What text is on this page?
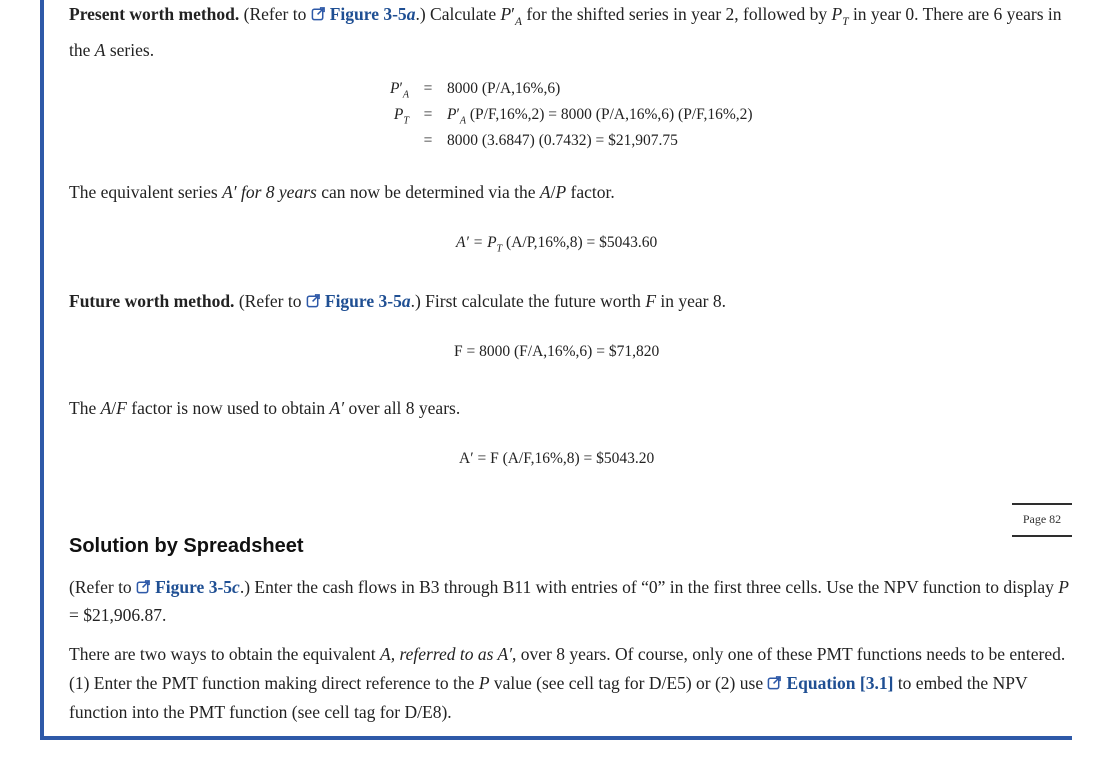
Present worth method. (Refer to Figure 3-5a.) Calculate $P'_A$ for the shifted series in year 2, followed by $P_T$ in year 0. There are 6 years in the A series.

$P'_A = 8000$ (P/A,16%,6)
$P_T = P'_A$ (P/F,16%,2) = 8000 (P/A,16%,6) (P/F,16%,2)
= 8000 (3.6847) (0.7432) = $21,907.75

The equivalent series A′ for 8 years can now be determined via the A/P factor.

$A' = P_T$ (A/P,16%,8) = $5043.60

Future worth method. (Refer to Figure 3-5a.) First calculate the future worth F in year 8.

F = 8000 (F/A,16%,6) = $71,820

The A/F factor is now used to obtain A′ over all 8 years.

A′ = F (A/F,16%,8) = $5043.20
Page 82
Solution by Spreadsheet

(Refer to Figure 3-5c.) Enter the cash flows in B3 through B11 with entries of “0” in the first three cells. Use the NPV function to display P = $21,906.87.

There are two ways to obtain the equivalent A, referred to as A′, over 8 years. Of course, only one of these PMT functions needs to be entered. (1) Enter the PMT function making direct reference to the P value (see cell tag for D/E5) or (2) use Equation [3.1] to embed the NPV function into the PMT function (see cell tag for D/E8).
